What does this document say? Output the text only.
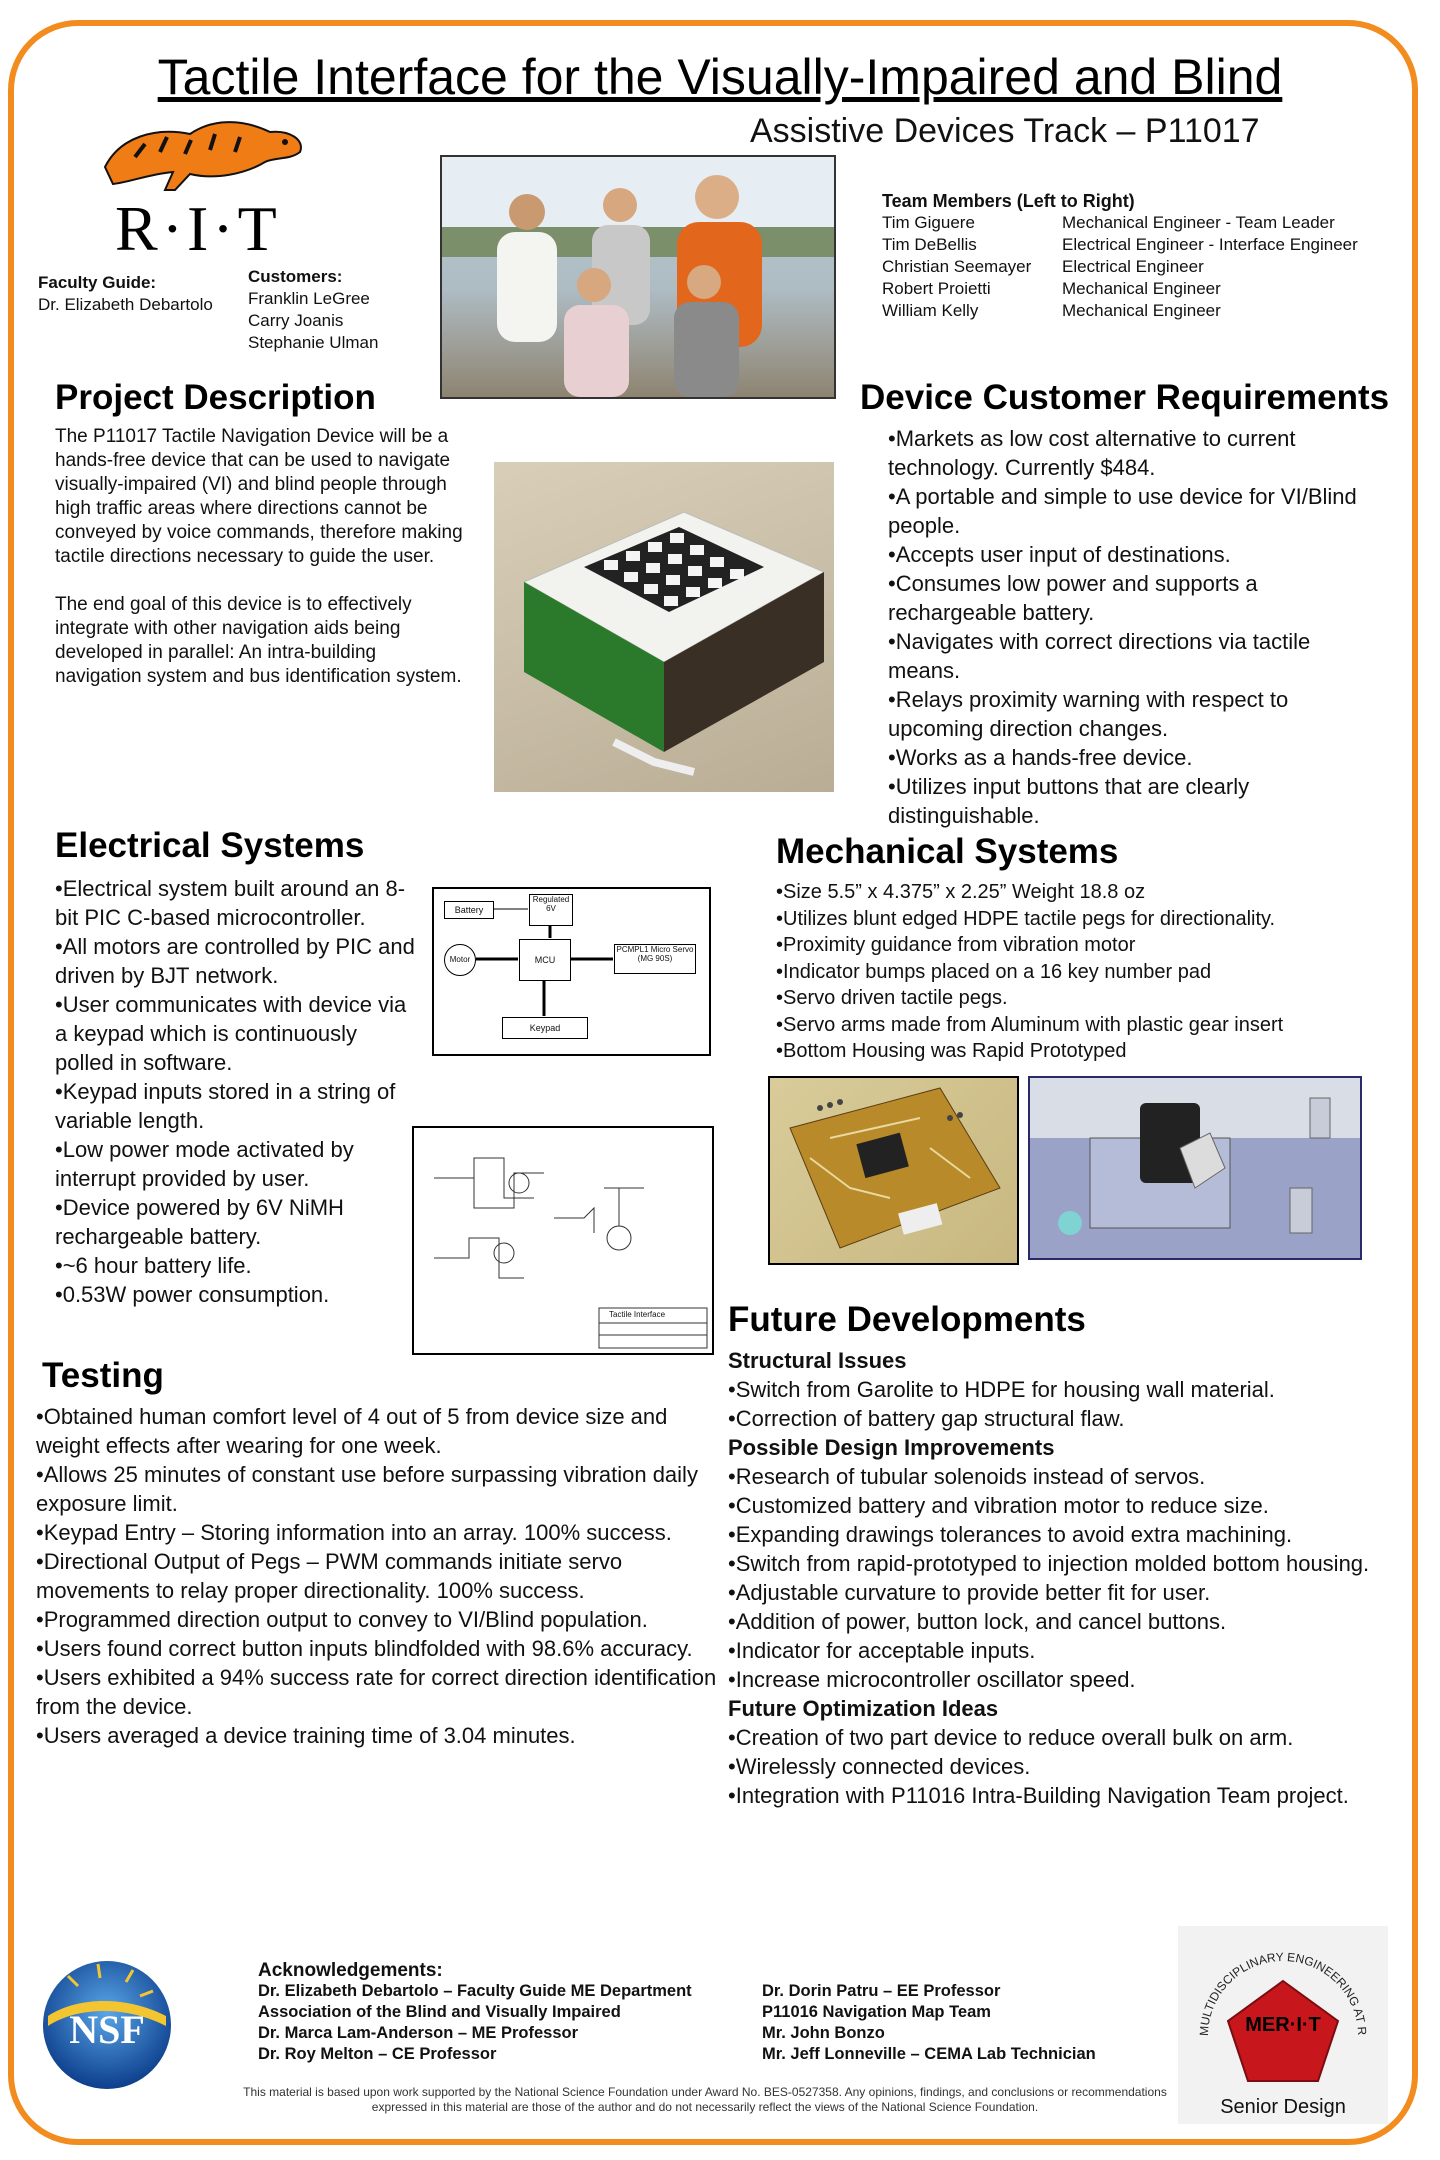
Tactile Interface for the Visually-Impaired and Blind
Assistive Devices Track – P11017
R·I·T
Faculty Guide:
Dr. Elizabeth Debartolo
Customers:
Franklin LeGree
Carry Joanis
Stephanie Ulman
Team Members (Left to Right)
Tim Giguere	Mechanical Engineer - Team Leader
Tim DeBellis	Electrical Engineer - Interface Engineer
Christian Seemayer	Electrical Engineer
Robert Proietti	Mechanical Engineer
William Kelly	Mechanical Engineer
Project Description

The P11017 Tactile Navigation Device will be a hands-free device that can be used to navigate visually-impaired (VI) and blind people through high traffic areas where directions cannot be conveyed by voice commands, therefore making tactile directions necessary to guide the user.

The end goal of this device is to effectively integrate with other navigation aids being developed in parallel: An intra-building navigation system and bus identification system.

Device Customer Requirements
• Markets as low cost alternative to current technology. Currently $484.
• A portable and simple to use device for VI/Blind people.
• Accepts user input of destinations.
• Consumes low power and supports a rechargeable battery.
• Navigates with correct directions via tactile means.
• Relays proximity warning with respect to upcoming direction changes.
• Works as a hands-free device.
• Utilizes input buttons that are clearly distinguishable.
Electrical Systems
• Electrical system built around an 8-bit PIC C-based microcontroller.
• All motors are controlled by PIC and driven by BJT network.
• User communicates with device via a keypad which is continuously polled in software.
• Keypad inputs stored in a string of variable length.
• Low power mode activated by interrupt provided by user.
• Device powered by 6V NiMH rechargeable battery.
• ~6 hour battery life.
• 0.53W power consumption.
Battery
Regulated 6V
Motor	MCU
PCMPL1 Micro Servo (MG 90S)
Keypad
Tactile Interface
Mechanical Systems
• Size 5.5” x 4.375” x 2.25” Weight 18.8 oz
• Utilizes blunt edged HDPE tactile pegs for directionality.
• Proximity guidance from vibration motor
• Indicator bumps placed on a 16 key number pad
• Servo driven tactile pegs.
• Servo arms made from Aluminum with plastic gear insert
• Bottom Housing was Rapid Prototyped
Testing
• Obtained human comfort level of 4 out of 5 from device size and weight effects after wearing for one week.
• Allows 25 minutes of constant use before surpassing vibration daily exposure limit.
• Keypad Entry – Storing information into an array. 100% success.
• Directional Output of Pegs – PWM commands initiate servo movements to relay proper directionality. 100% success.
• Programmed direction output to convey to VI/Blind population.
• Users found correct button inputs blindfolded with 98.6% accuracy.
• Users exhibited a 94% success rate for correct direction identification from the device.
• Users averaged a device training time of 3.04 minutes.
Future Developments
Structural Issues
• Switch from Garolite to HDPE for housing wall material.
• Correction of battery gap structural flaw.
Possible Design Improvements
• Research of tubular solenoids instead of servos.
• Customized battery and vibration motor to reduce size.
• Expanding drawings tolerances to avoid extra machining.
• Switch from rapid-prototyped to injection molded bottom housing.
• Adjustable curvature to provide better fit for user.
• Addition of power, button lock, and cancel buttons.
• Indicator for acceptable inputs.
• Increase microcontroller oscillator speed.
Future Optimization Ideas
• Creation of two part device to reduce overall bulk on arm.
• Wirelessly connected devices.
• Integration with P11016 Intra-Building Navigation Team project.
NSF
Acknowledgements:
Dr. Elizabeth Debartolo – Faculty Guide ME Department
Association of the Blind and Visually Impaired
Dr. Marca Lam-Anderson – ME Professor
Dr. Roy Melton – CE Professor
Dr. Dorin Patru – EE Professor
P11016 Navigation Map Team
Mr. John Bonzo
Mr. Jeff Lonneville – CEMA Lab Technician
This material is based upon work supported by the National Science Foundation under Award No. BES-0527358. Any opinions, findings, and conclusions or recommendations expressed in this material are those of the author and do not necessarily reflect the views of the National Science Foundation.
MULTIDISCIPLINARY ENGINEERING AT R
MER·I·T
Senior Design
